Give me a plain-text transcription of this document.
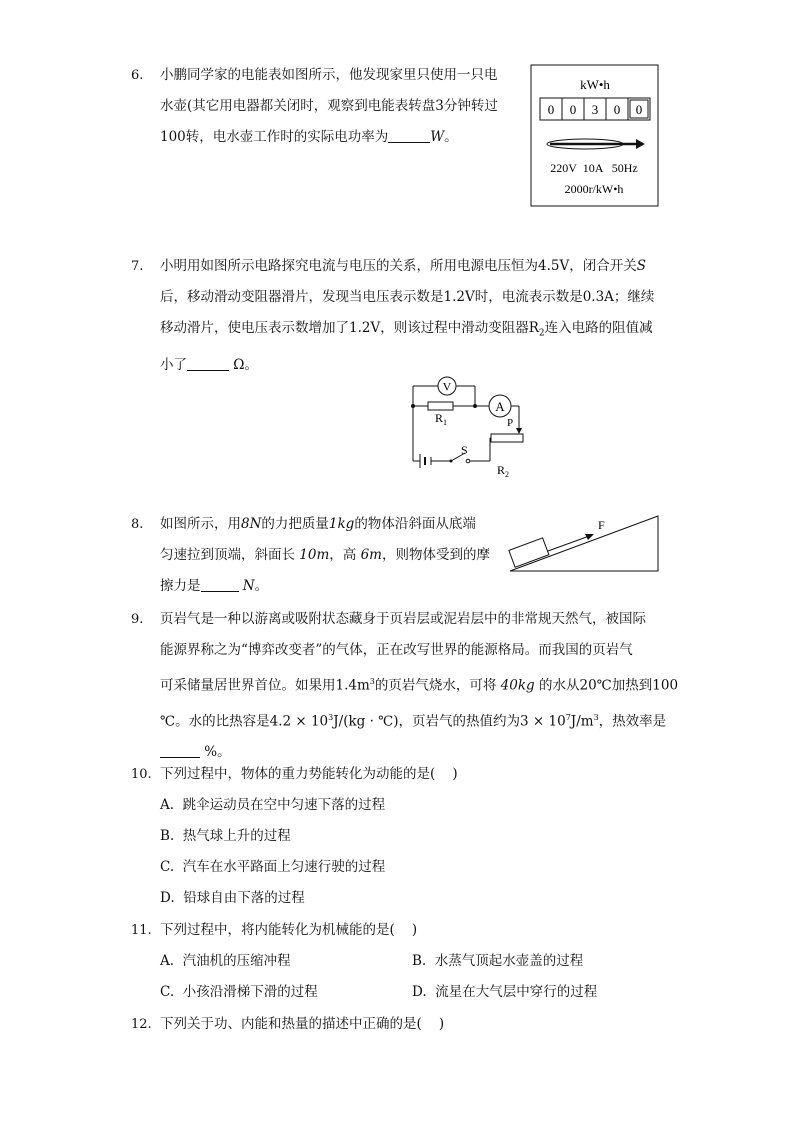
6. 小鹏同学家的电能表如图所示，他发现家里只使用一只电
水壶(其它用电器都关闭时，观察到电能表转盘3分钟转过
100转，电水壶工作时的实际电功率为	W。
kW•h
0 0 3 0 0
220V  10A   50Hz
2000r/kW•h
7. 小明用如图所示电路探究电流与电压的关系，所用电源电压恒为4.5V，闭合开关S
后，移动滑动变阻器滑片，发现当电压表示数是1.2V时，电流表示数是0.3A；继续
移动滑片，使电压表示数增加了1.2V，则该过程中滑动变阻器$R_2$连入电路的阻值减
小了	Ω。
V
A
$R_1$	P
S
$R_2$
8. 如图所示，用8N的力把质量1kg的物体沿斜面从底端
匀速拉到顶端，斜面长 10m，高 6m，则物体受到的摩
擦力是	N。
F
9. 页岩气是一种以游离或吸附状态藏身于页岩层或泥岩层中的非常规天然气，被国际
能源界称之为“博弈改变者”的气体，正在改写世界的能源格局。而我国的页岩气
可采储量居世界首位。如果用$1.4m^3$的页岩气烧水，可将 40kg 的水从20℃加热到100
℃。水的比热容是$4.2 \times 10^3J/(kg$ · ℃)，页岩气的热值约为$3 \times 10^7J/m^3$，热效率是
%。
10. 下列过程中，物体的重力势能转化为动能的是(    )
A.  跳伞运动员在空中匀速下落的过程
B.  热气球上升的过程
C.  汽车在水平路面上匀速行驶的过程
D.  铅球自由下落的过程
11. 下列过程中，将内能转化为机械能的是(    )
A.  汽油机的压缩冲程	B.  水蒸气顶起水壶盖的过程
C.  小孩沿滑梯下滑的过程	D.  流星在大气层中穿行的过程
12. 下列关于功、内能和热量的描述中正确的是(    )
